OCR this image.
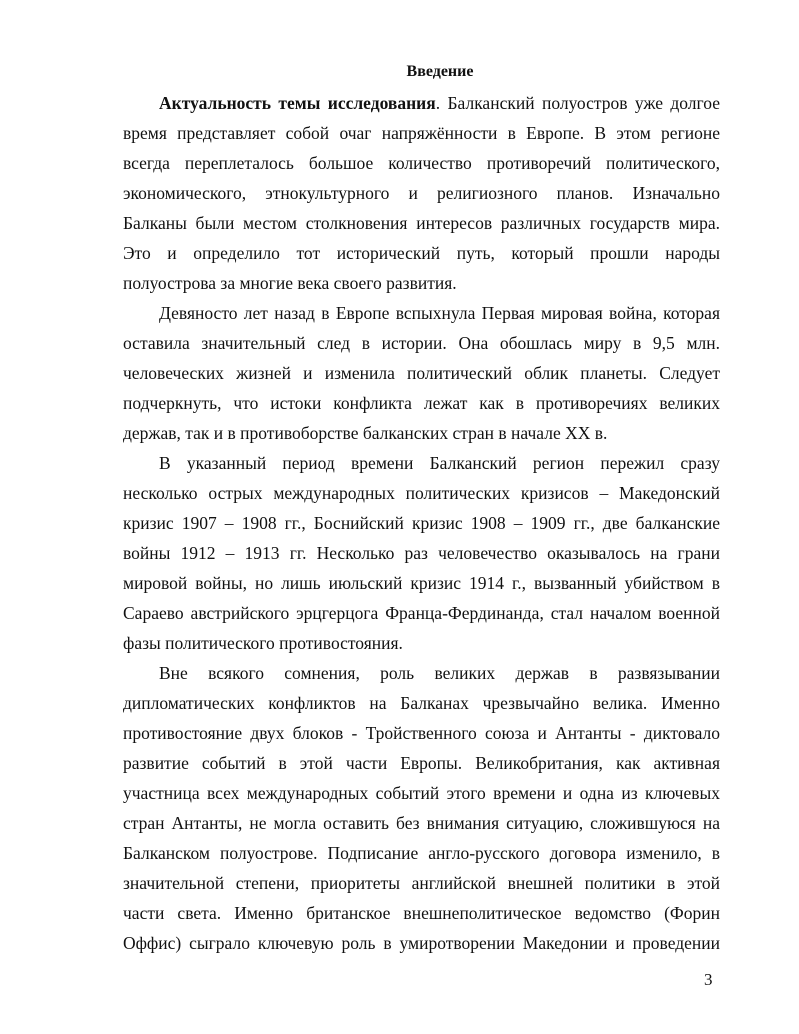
Введение
Актуальность темы исследования. Балканский полуостров уже долгое
время представляет собой очаг напряжённости в Европе. В этом регионе
всегда переплеталось большое количество противоречий политического,
экономического, этнокультурного и религиозного планов. Изначально
Балканы были местом столкновения интересов различных государств мира.
Это и определило тот исторический путь, который прошли народы
полуострова за многие века своего развития.
Девяносто лет назад в Европе вспыхнула Первая мировая война, которая
оставила значительный след в истории. Она обошлась миру в 9,5 млн.
человеческих жизней и изменила политический облик планеты. Следует
подчеркнуть, что истоки конфликта лежат как в противоречиях великих
держав, так и в противоборстве балканских стран в начале XX в.
В указанный период времени Балканский регион пережил сразу
несколько острых международных политических кризисов – Македонский
кризис 1907 – 1908 гг., Боснийский кризис 1908 – 1909 гг., две балканские
войны 1912 – 1913 гг. Несколько раз человечество оказывалось на грани
мировой войны, но лишь июльский кризис 1914 г., вызванный убийством в
Сараево австрийского эрцгерцога Франца-Фердинанда, стал началом военной
фазы политического противостояния.
Вне всякого сомнения, роль великих держав в развязывании
дипломатических конфликтов на Балканах чрезвычайно велика. Именно
противостояние двух блоков - Тройственного союза и Антанты - диктовало
развитие событий в этой части Европы. Великобритания, как активная
участница всех международных событий этого времени и одна из ключевых
стран Антанты, не могла оставить без внимания ситуацию, сложившуюся на
Балканском полуострове. Подписание англо-русского договора изменило, в
значительной степени, приоритеты английской внешней политики в этой
части света. Именно британское внешнеполитическое ведомство (Форин
Оффис) сыграло ключевую роль в умиротворении Македонии и проведении
3
